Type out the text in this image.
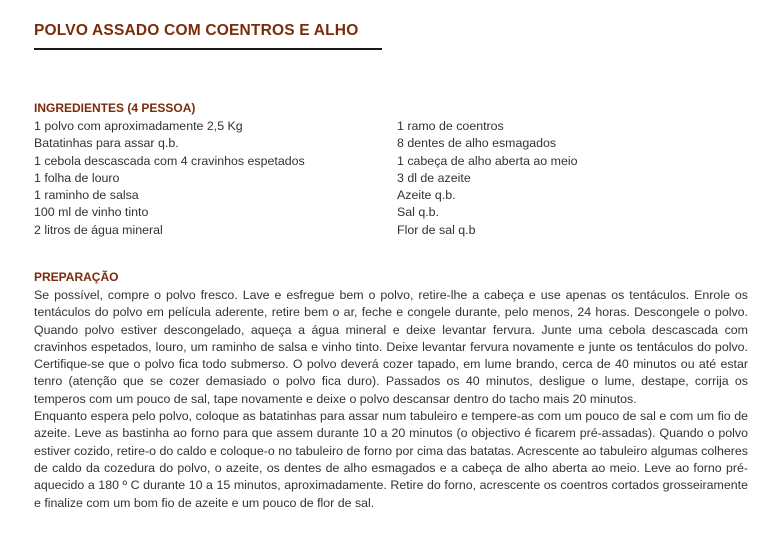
POLVO ASSADO COM COENTROS E ALHO
INGREDIENTES (4 PESSOA)
1 polvo com aproximadamente 2,5 Kg
Batatinhas para assar q.b.
1 cebola descascada com 4 cravinhos espetados
1 folha de louro
1 raminho de salsa
100 ml de vinho tinto
2 litros de água mineral
1 ramo de coentros
8 dentes de alho esmagados
1 cabeça de alho aberta ao meio
3 dl de azeite
Azeite q.b.
Sal q.b.
Flor de sal q.b
PREPARAÇÃO

Se possível, compre o polvo fresco. Lave e esfregue bem o polvo, retire-lhe a cabeça e use apenas os tentáculos. Enrole os tentáculos do polvo em película aderente, retire bem o ar, feche e congele durante, pelo menos, 24 horas. Descongele o polvo. Quando polvo estiver descongelado, aqueça a água mineral e deixe levantar fervura. Junte uma cebola descascada com cravinhos espetados, louro, um raminho de salsa e vinho tinto. Deixe levantar fervura novamente e junte os tentáculos do polvo. Certifique-se que o polvo fica todo submerso. O polvo deverá cozer tapado, em lume brando, cerca de 40 minutos ou até estar tenro (atenção que se cozer demasiado o polvo fica duro). Passados os 40 minutos, desligue o lume, destape, corrija os temperos com um pouco de sal, tape novamente e deixe o polvo descansar dentro do tacho mais 20 minutos.

Enquanto espera pelo polvo, coloque as batatinhas para assar num tabuleiro e tempere-as com um pouco de sal e com um fio de azeite. Leve as bastinha ao forno para que assem durante 10 a 20 minutos (o objectivo é ficarem pré-assadas). Quando o polvo estiver cozido, retire-o do caldo e coloque-o no tabuleiro de forno por cima das batatas. Acrescente ao tabuleiro algumas colheres de caldo da cozedura do polvo, o azeite, os dentes de alho esmagados e a cabeça de alho aberta ao meio. Leve ao forno pré-aquecido a 180 º C durante 10 a 15 minutos, aproximadamente. Retire do forno, acrescente os coentros cortados grosseiramente e finalize com um bom fio de azeite e um pouco de flor de sal.
